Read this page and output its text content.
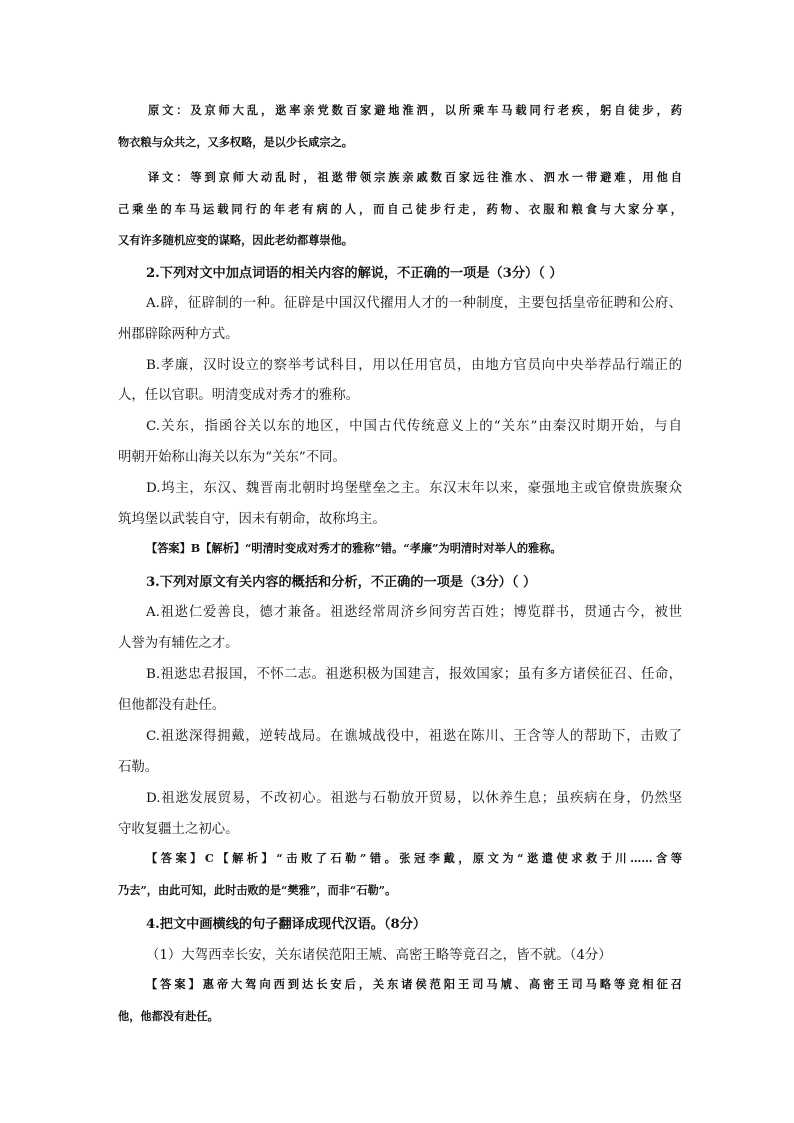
原文：及京师大乱，逖率亲党数百家避地淮泗，以所乘车马载同行老疾，躬自徒步，药
物衣粮与众共之，又多权略，是以少长咸宗之。
译文：等到京师大动乱时，祖逖带领宗族亲戚数百家远往淮水、泗水一带避难，用他自
己乘坐的车马运载同行的年老有病的人，而自己徒步行走，药物、衣服和粮食与大家分享，
又有许多随机应变的谋略，因此老幼都尊崇他。
2.下列对文中加点词语的相关内容的解说，不正确的一项是（3分）（ ）
A.辟，征辟制的一种。征辟是中国汉代擢用人才的一种制度，主要包括皇帝征聘和公府、
州郡辟除两种方式。
B.孝廉，汉时设立的察举考试科目，用以任用官员，由地方官员向中央举荐品行端正的
人，任以官职。明清变成对秀才的雅称。
C.关东，指函谷关以东的地区，中国古代传统意义上的“关东”由秦汉时期开始，与自
明朝开始称山海关以东为“关东”不同。
D.坞主，东汉、魏晋南北朝时坞堡壁垒之主。东汉末年以来，豪强地主或官僚贵族聚众
筑坞堡以武装自守，因未有朝命，故称坞主。
【答案】B【解析】“明清时变成对秀才的雅称”错。“孝廉”为明清时对举人的雅称。
3.下列对原文有关内容的概括和分析，不正确的一项是（3分）（ ）
A.祖逖仁爱善良，德才兼备。祖逖经常周济乡间穷苦百姓；博览群书，贯通古今，被世
人誉为有辅佐之才。
B.祖逖忠君报国，不怀二志。祖逖积极为国建言，报效国家；虽有多方诸侯征召、任命，
但他都没有赴任。
C.祖逖深得拥戴，逆转战局。在谯城战役中，祖逖在陈川、王含等人的帮助下，击败了
石勒。
D.祖逖发展贸易，不改初心。祖逖与石勒放开贸易，以休养生息；虽疾病在身，仍然坚
守收复疆土之初心。
【答案】C【解析】“击败了石勒”错。张冠李戴，原文为“逖遣使求救于川……含等
乃去”，由此可知，此时击败的是“樊雅”，而非“石勒”。
4.把文中画横线的句子翻译成现代汉语。（8分）
（1）大驾西幸长安，关东诸侯范阳王虓、高密王略等竟召之，皆不就。（4分）
【答案】惠帝大驾向西到达长安后，关东诸侯范阳王司马虓、高密王司马略等竞相征召
他，他都没有赴任。
